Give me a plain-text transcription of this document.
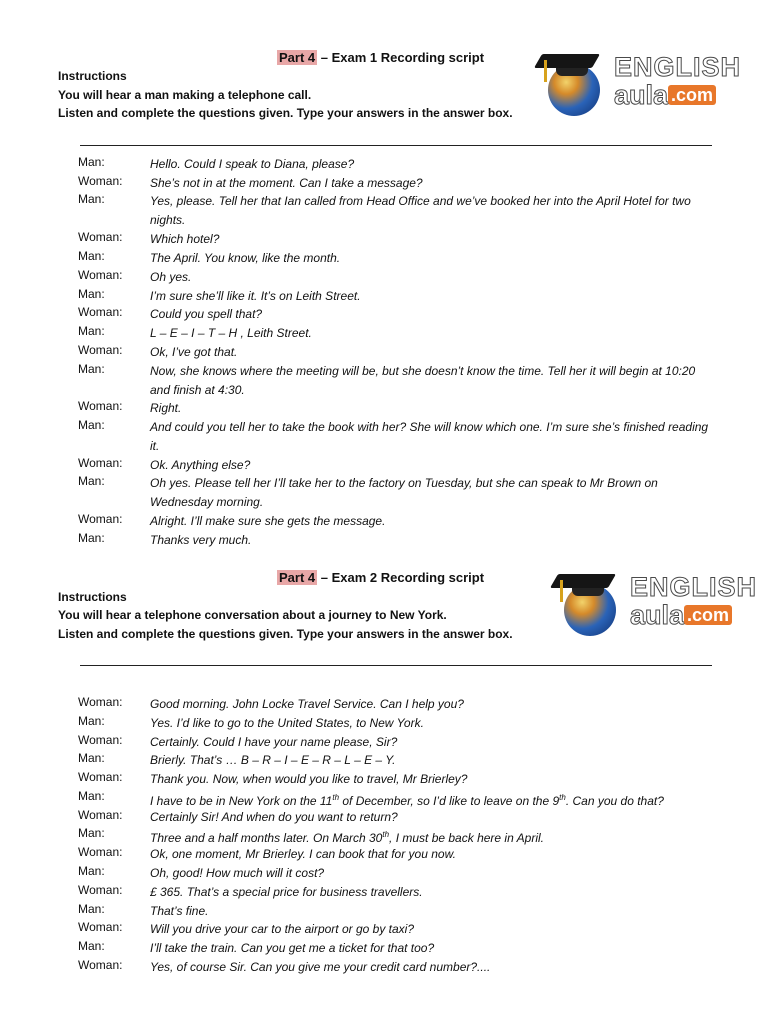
Part 4 – Exam 1 Recording script
Instructions
You will hear a man making a telephone call.
Listen and complete the questions given. Type your answers in the answer box.
ENGLISH
aula .com
Man:	Hello. Could I speak to Diana, please?
Woman: She’s not in at the moment. Can I take a message?
Man:	Yes, please. Tell her that Ian called from Head Office and we’ve booked her into the April Hotel for two nights.
Woman: Which hotel?
Man:	The April. You know, like the month.
Woman: Oh yes.
Man:	I’m sure she’ll like it. It’s on Leith Street.
Woman: Could you spell that?
Man:	L – E – I – T – H , Leith Street.
Woman: Ok, I’ve got that.
Man:	Now, she knows where the meeting will be, but she doesn’t know the time. Tell her it will begin at 10:20 and finish at 4:30.
Woman: Right.
Man:	And could you tell her to take the book with her? She will know which one. I’m sure she’s finished reading it.
Woman: Ok. Anything else?
Man:	Oh yes. Please tell her I’ll take her to the factory on Tuesday, but she can speak to Mr Brown on Wednesday morning.
Woman: Alright. I’ll make sure she gets the message.
Man:	Thanks very much.
Part 4 – Exam 2 Recording script
Instructions
You will hear a telephone conversation about a journey to New York.
Listen and complete the questions given. Type your answers in the answer box.
ENGLISH
aula .com
Woman: Good morning. John Locke Travel Service. Can I help you?
Man:	Yes. I’d like to go to the United States, to New York.
Woman: Certainly. Could I have your name please, Sir?
Man:	Brierly. That’s … B – R – I – E – R – L – E – Y.
Woman: Thank you. Now, when would you like to travel, Mr Brierley?
Man:	I have to be in New York on the 11th of December, so I’d like to leave on the 9th. Can you do that?
Woman: Certainly Sir! And when do you want to return?
Man:	Three and a half months later. On March 30th, I must be back here in April.
Woman: Ok, one moment, Mr Brierley. I can book that for you now.
Man:	Oh, good! How much will it cost?
Woman: £ 365. That’s a special price for business travellers.
Man:	That’s fine.
Woman: Will you drive your car to the airport or go by taxi?
Man:	I’ll take the train. Can you get me a ticket for that too?
Woman: Yes, of course Sir. Can you give me your credit card number?....
